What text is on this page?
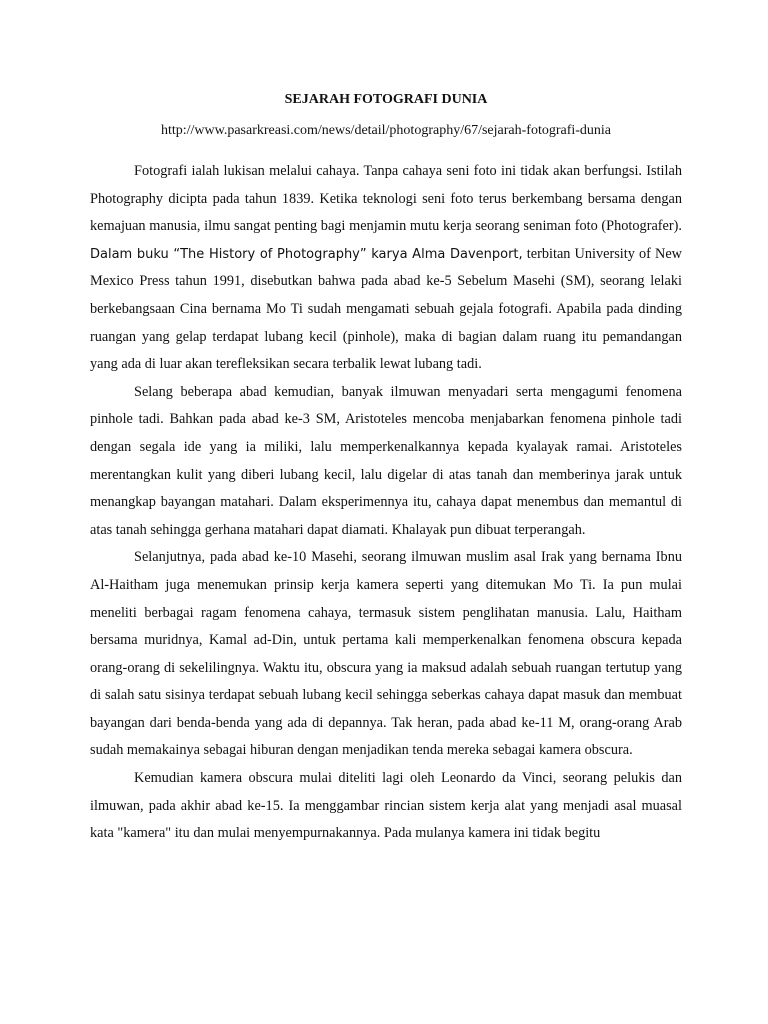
SEJARAH FOTOGRAFI DUNIA
http://www.pasarkreasi.com/news/detail/photography/67/sejarah-fotografi-dunia

Fotografi ialah lukisan melalui cahaya. Tanpa cahaya seni foto ini tidak akan berfungsi. Istilah Photography dicipta pada tahun 1839. Ketika teknologi seni foto terus berkembang bersama dengan kemajuan manusia, ilmu sangat penting bagi menjamin mutu kerja seorang seniman foto (Photografer). Dalam buku “The History of Photography” karya Alma Davenport, terbitan University of New Mexico Press tahun 1991, disebutkan bahwa pada abad ke-5 Sebelum Masehi (SM), seorang lelaki berkebangsaan Cina bernama Mo Ti sudah mengamati sebuah gejala fotografi. Apabila pada dinding ruangan yang gelap terdapat lubang kecil (pinhole), maka di bagian dalam ruang itu pemandangan yang ada di luar akan terefleksikan secara terbalik lewat lubang tadi.

Selang beberapa abad kemudian, banyak ilmuwan menyadari serta mengagumi fenomena pinhole tadi. Bahkan pada abad ke-3 SM, Aristoteles mencoba menjabarkan fenomena pinhole tadi dengan segala ide yang ia miliki, lalu memperkenalkannya kepada kyalayak ramai. Aristoteles merentangkan kulit yang diberi lubang kecil, lalu digelar di atas tanah dan memberinya jarak untuk menangkap bayangan matahari. Dalam eksperimennya itu, cahaya dapat menembus dan memantul di atas tanah sehingga gerhana matahari dapat diamati. Khalayak pun dibuat terperangah.

Selanjutnya, pada abad ke-10 Masehi, seorang ilmuwan muslim asal Irak yang bernama Ibnu Al-Haitham juga menemukan prinsip kerja kamera seperti yang ditemukan Mo Ti. Ia pun mulai meneliti berbagai ragam fenomena cahaya, termasuk sistem penglihatan manusia. Lalu, Haitham bersama muridnya, Kamal ad-Din, untuk pertama kali memperkenalkan fenomena obscura kepada orang-orang di sekelilingnya. Waktu itu, obscura yang ia maksud adalah sebuah ruangan tertutup yang di salah satu sisinya terdapat sebuah lubang kecil sehingga seberkas cahaya dapat masuk dan membuat bayangan dari benda-benda yang ada di depannya. Tak heran, pada abad ke-11 M, orang-orang Arab sudah memakainya sebagai hiburan dengan menjadikan tenda mereka sebagai kamera obscura.

Kemudian kamera obscura mulai diteliti lagi oleh Leonardo da Vinci, seorang pelukis dan ilmuwan, pada akhir abad ke-15. Ia menggambar rincian sistem kerja alat yang menjadi asal muasal kata "kamera" itu dan mulai menyempurnakannya. Pada mulanya kamera ini tidak begitu
